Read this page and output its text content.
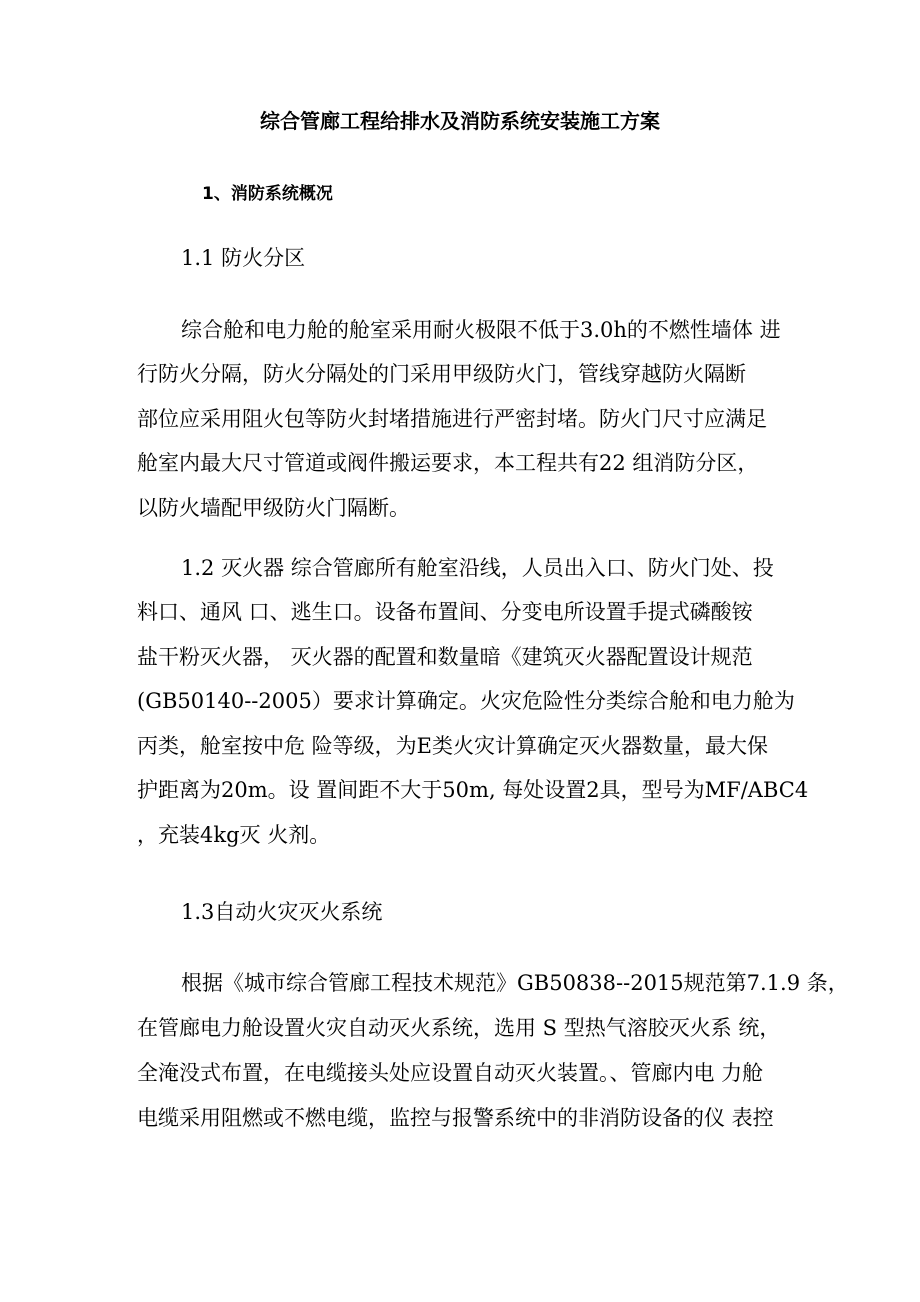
综合管廊工程给排水及消防系统安装施工方案
1、消防系统概况
1.1 防火分区
综合舱和电力舱的舱室采用耐火极限不低于3.0h的不燃性墙体 进
行防火分隔，防火分隔处的门采用甲级防火门，管线穿越防火隔断
部位应采用阻火包等防火封堵措施进行严密封堵。防火门尺寸应满足
舱室内最大尺寸管道或阀件搬运要求，本工程共有22 组消防分区，
以防火墙配甲级防火门隔断。
1.2 灭火器 综合管廊所有舱室沿线，人员出入口、防火门处、投
料口、通风 口、逃生口。设备布置间、分变电所设置手提式磷酸铵
盐干粉灭火器， 灭火器的配置和数量暗《建筑灭火器配置设计规范
(GB50140--2005）要求计算确定。火灾危险性分类综合舱和电力舱为
丙类，舱室按中危 险等级，为E类火灾计算确定灭火器数量，最大保
护距离为20m。设 置间距不大于50m, 每处设置2具，型号为MF/ABC4
，充装4kg灭 火剂。
1.3自动火灾灭火系统
根据《城市综合管廊工程技术规范》GB50838--2015规范第7.1.9 条，
在管廊电力舱设置火灾自动灭火系统，选用 S 型热气溶胶灭火系 统，
全淹没式布置，在电缆接头处应设置自动灭火装置。、管廊内电 力舱
电缆采用阻燃或不燃电缆，监控与报警系统中的非消防设备的仪 表控
